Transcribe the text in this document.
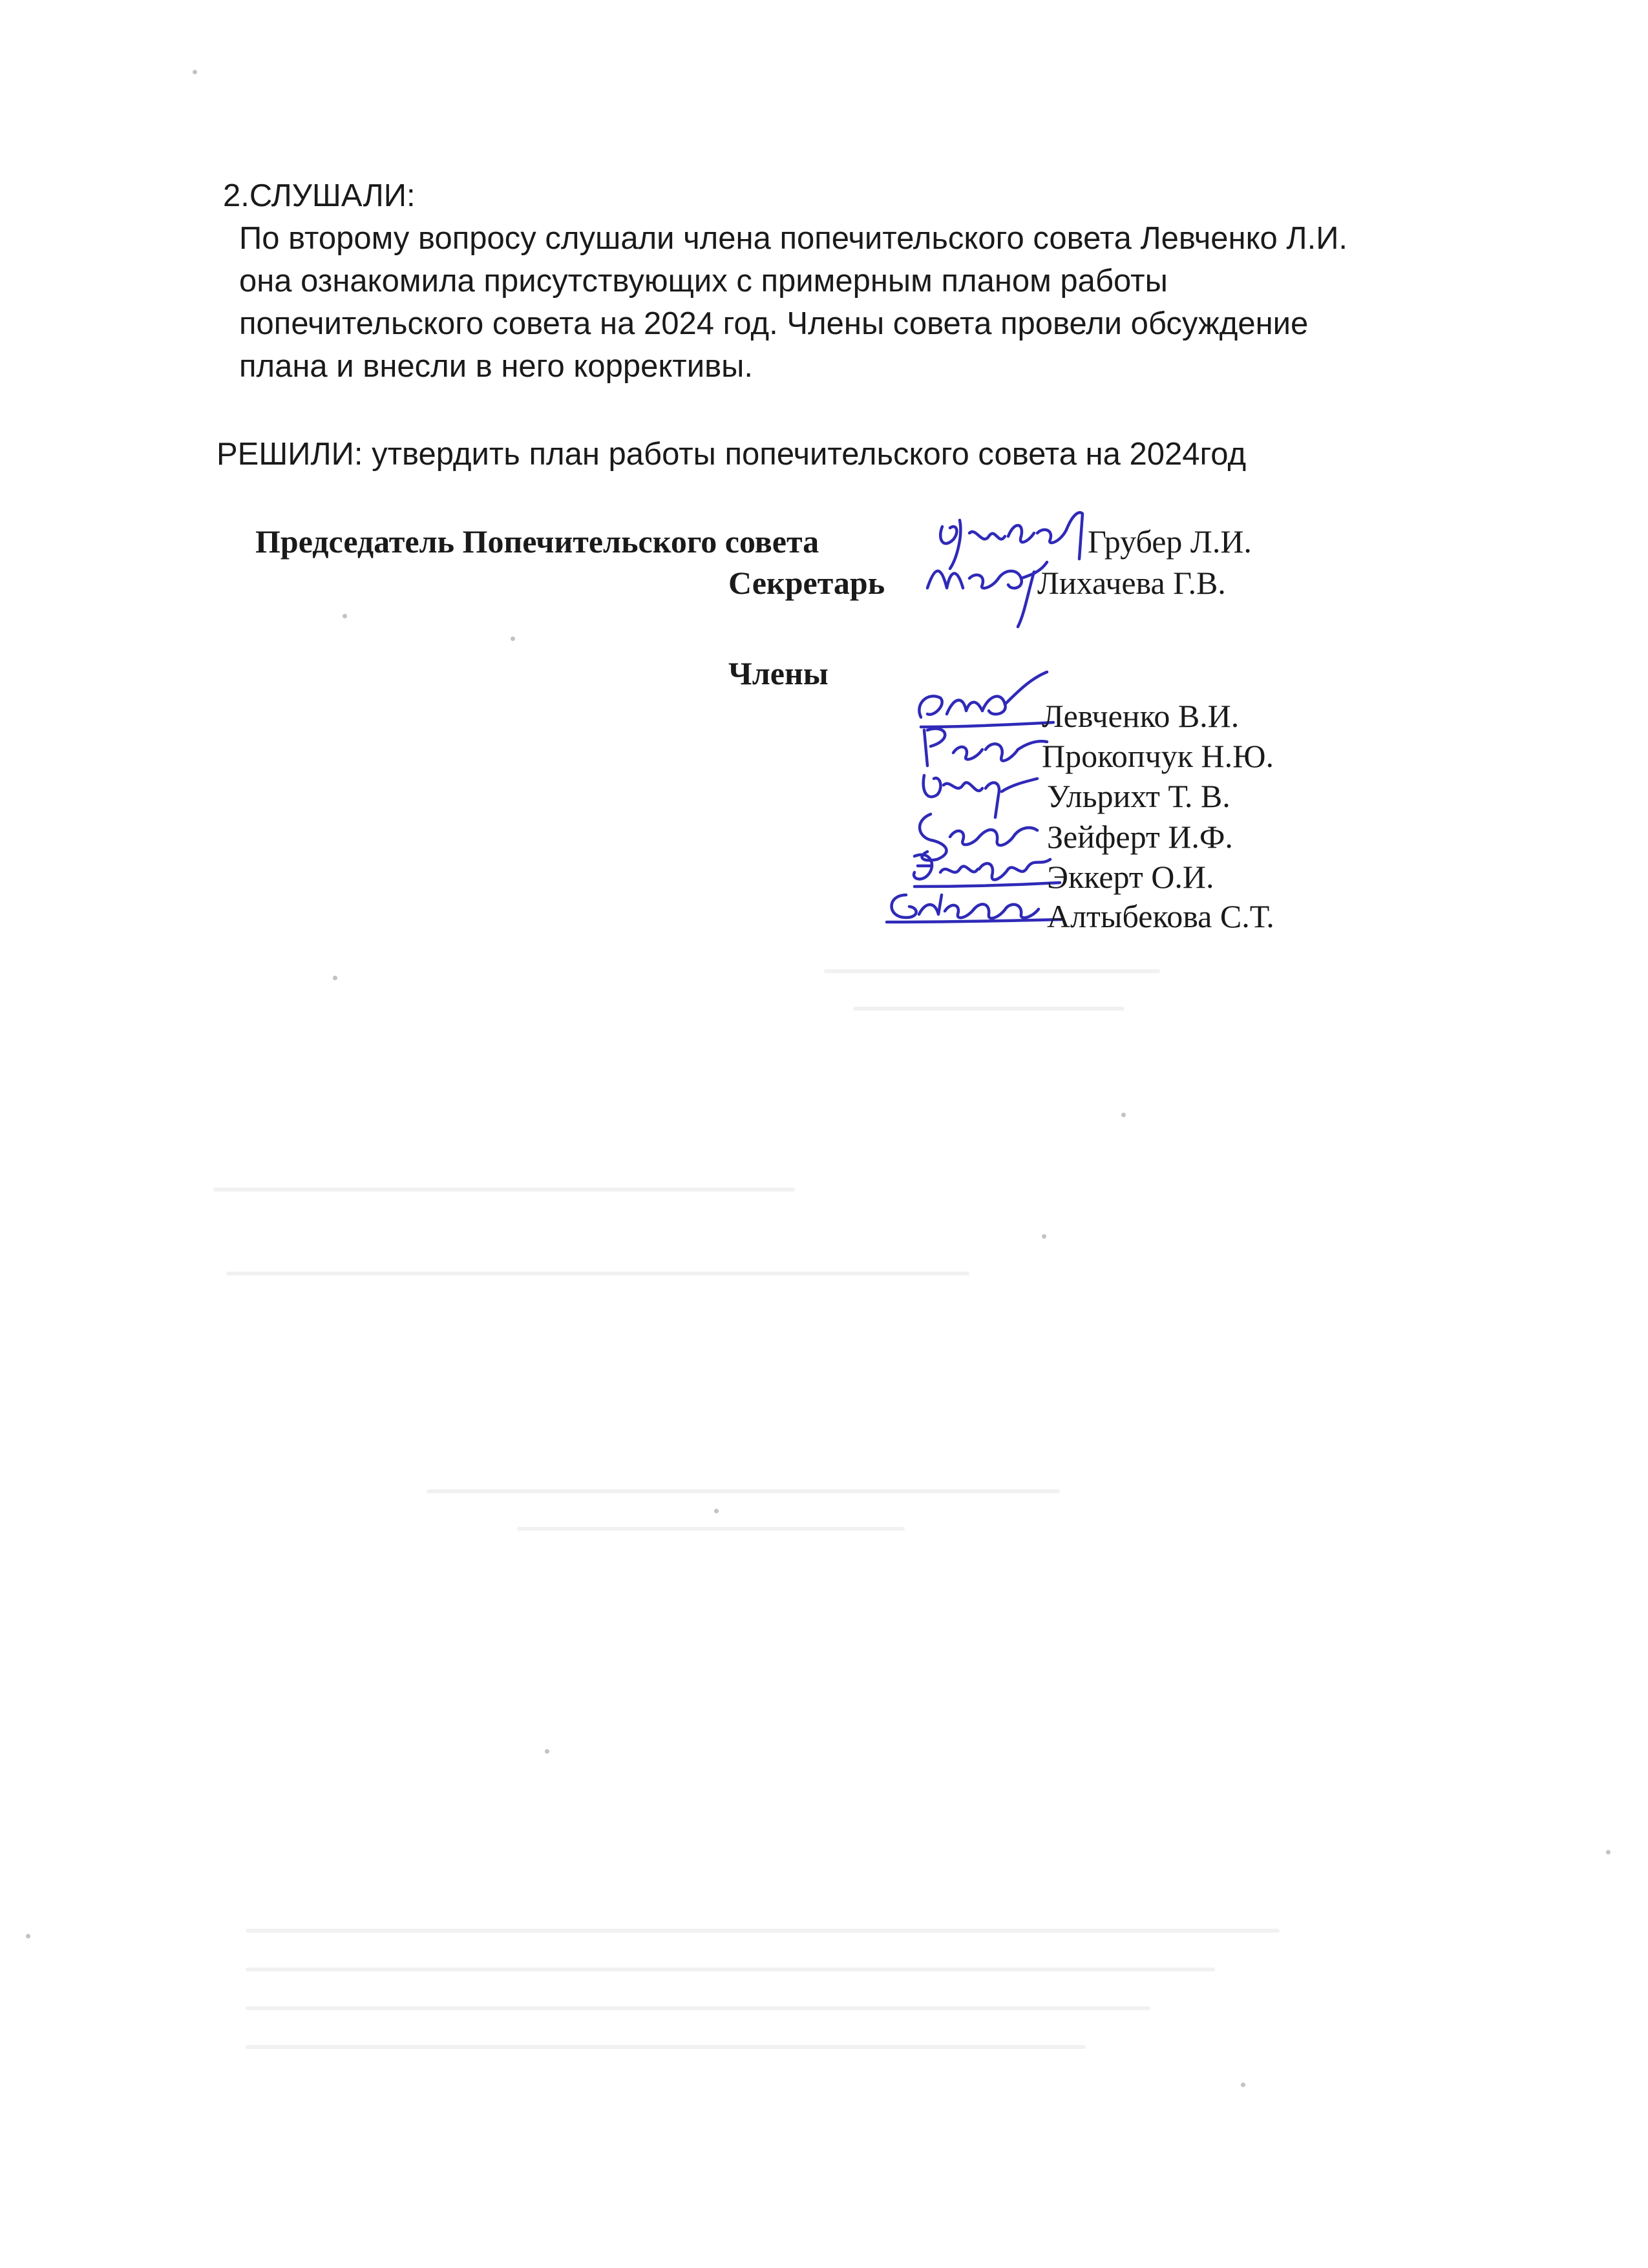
2.СЛУШАЛИ:
По второму вопросу слушали члена попечительского совета Левченко Л.И.
она ознакомила присутствующих с примерным планом работы
попечительского совета на 2024 год. Члены совета провели обсуждение
плана и внесли в него коррективы.
РЕШИЛИ: утвердить план работы попечительского совета на 2024год
Председатель Попечительского совета	Грубер Л.И.
Секретарь	Лихачева Г.В.
Члены
Левченко В.И.
Прокопчук Н.Ю.
Ульрихт Т. В.
Зейферт И.Ф.
Эккерт О.И.
Алтыбекова С.Т.
